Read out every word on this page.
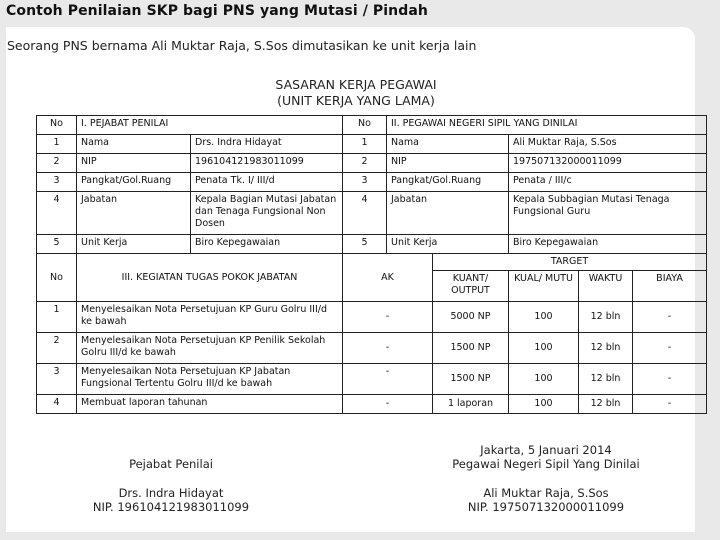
Contoh Penilaian SKP bagi PNS yang Mutasi / Pindah
Seorang PNS bernama Ali Muktar Raja, S.Sos dimutasikan ke unit kerja lain
SASARAN KERJA PEGAWAI
(UNIT KERJA YANG LAMA)
No	I. PEJABAT PENILAI		No	II. PEGAWAI NEGERI SIPIL YANG DINILAI				
1	Nama	Drs. Indra Hidayat	1	Nama		Ali Muktar Raja, S.Sos		
2	NIP	196104121983011099	2	NIP		197507132000011099		
3	Pangkat/Gol.Ruang	Penata Tk. I/ III/d	3	Pangkat/Gol.Ruang		Penata / III/c		
4	Jabatan	Kepala Bagian Mutasi Jabatan dan Tenaga Fungsional Non Dosen	4	Jabatan		Kepala Subbagian Mutasi Tenaga Fungsional Guru		
5	Unit Kerja	Biro Kepegawaian	5	Unit Kerja		Biro Kepegawaian		
No	III. KEGIATAN TUGAS POKOK JABATAN		AK		TARGET			
					KUANT/ OUTPUT	KUAL/ MUTU	WAKTU	BIAYA
1	Menyelesaikan Nota Persetujuan KP Guru Golru III/d ke bawah		-		5000 NP	100	12 bln	-
2	Menyelesaikan Nota Persetujuan KP Penilik Sekolah Golru III/d ke bawah		-		1500 NP	100	12 bln	-
3	Menyelesaikan Nota Persetujuan KP Jabatan Fungsional Tertentu Golru III/d ke bawah		-		1500 NP	100	12 bln	-
4	Membuat laporan tahunan		-		1 laporan	100	12 bln	-
Pejabat Penilai
Drs. Indra Hidayat
NIP. 196104121983011099
Jakarta, 5 Januari 2014
Pegawai Negeri Sipil Yang Dinilai
Ali Muktar Raja, S.Sos
NIP. 197507132000011099
